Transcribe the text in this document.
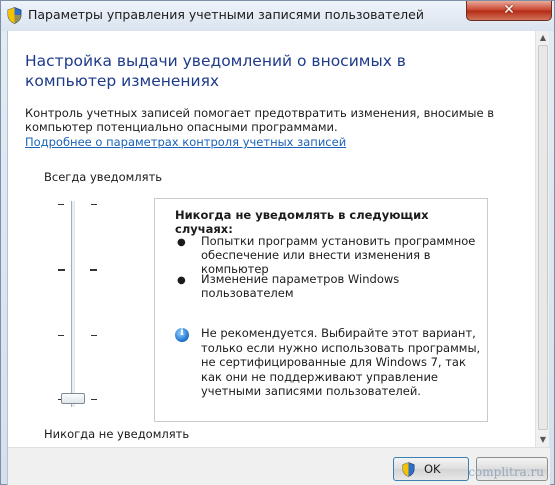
Параметры управления учетными записями пользователей	✕
Настройка выдачи уведомлений о вносимых в компьютер изменениях
Контроль учетных записей помогает предотвратить изменения, вносимые в компьютер потенциально опасными программами.
Подробнее о параметрах контроля учетных записей
Всегда уведомлять
Никогда не уведомлять
Никогда не уведомлять в следующих случаях:
● Попытки программ установить программное обеспечение или внести изменения в компьютер
● Изменение параметров Windows пользователем
i	Не рекомендуется. Выбирайте этот вариант, только если нужно использовать программы, не сертифицированные для Windows 7, так как они не поддерживают управление учетными записями пользователей.
▲
▼
OK complitra.ru
